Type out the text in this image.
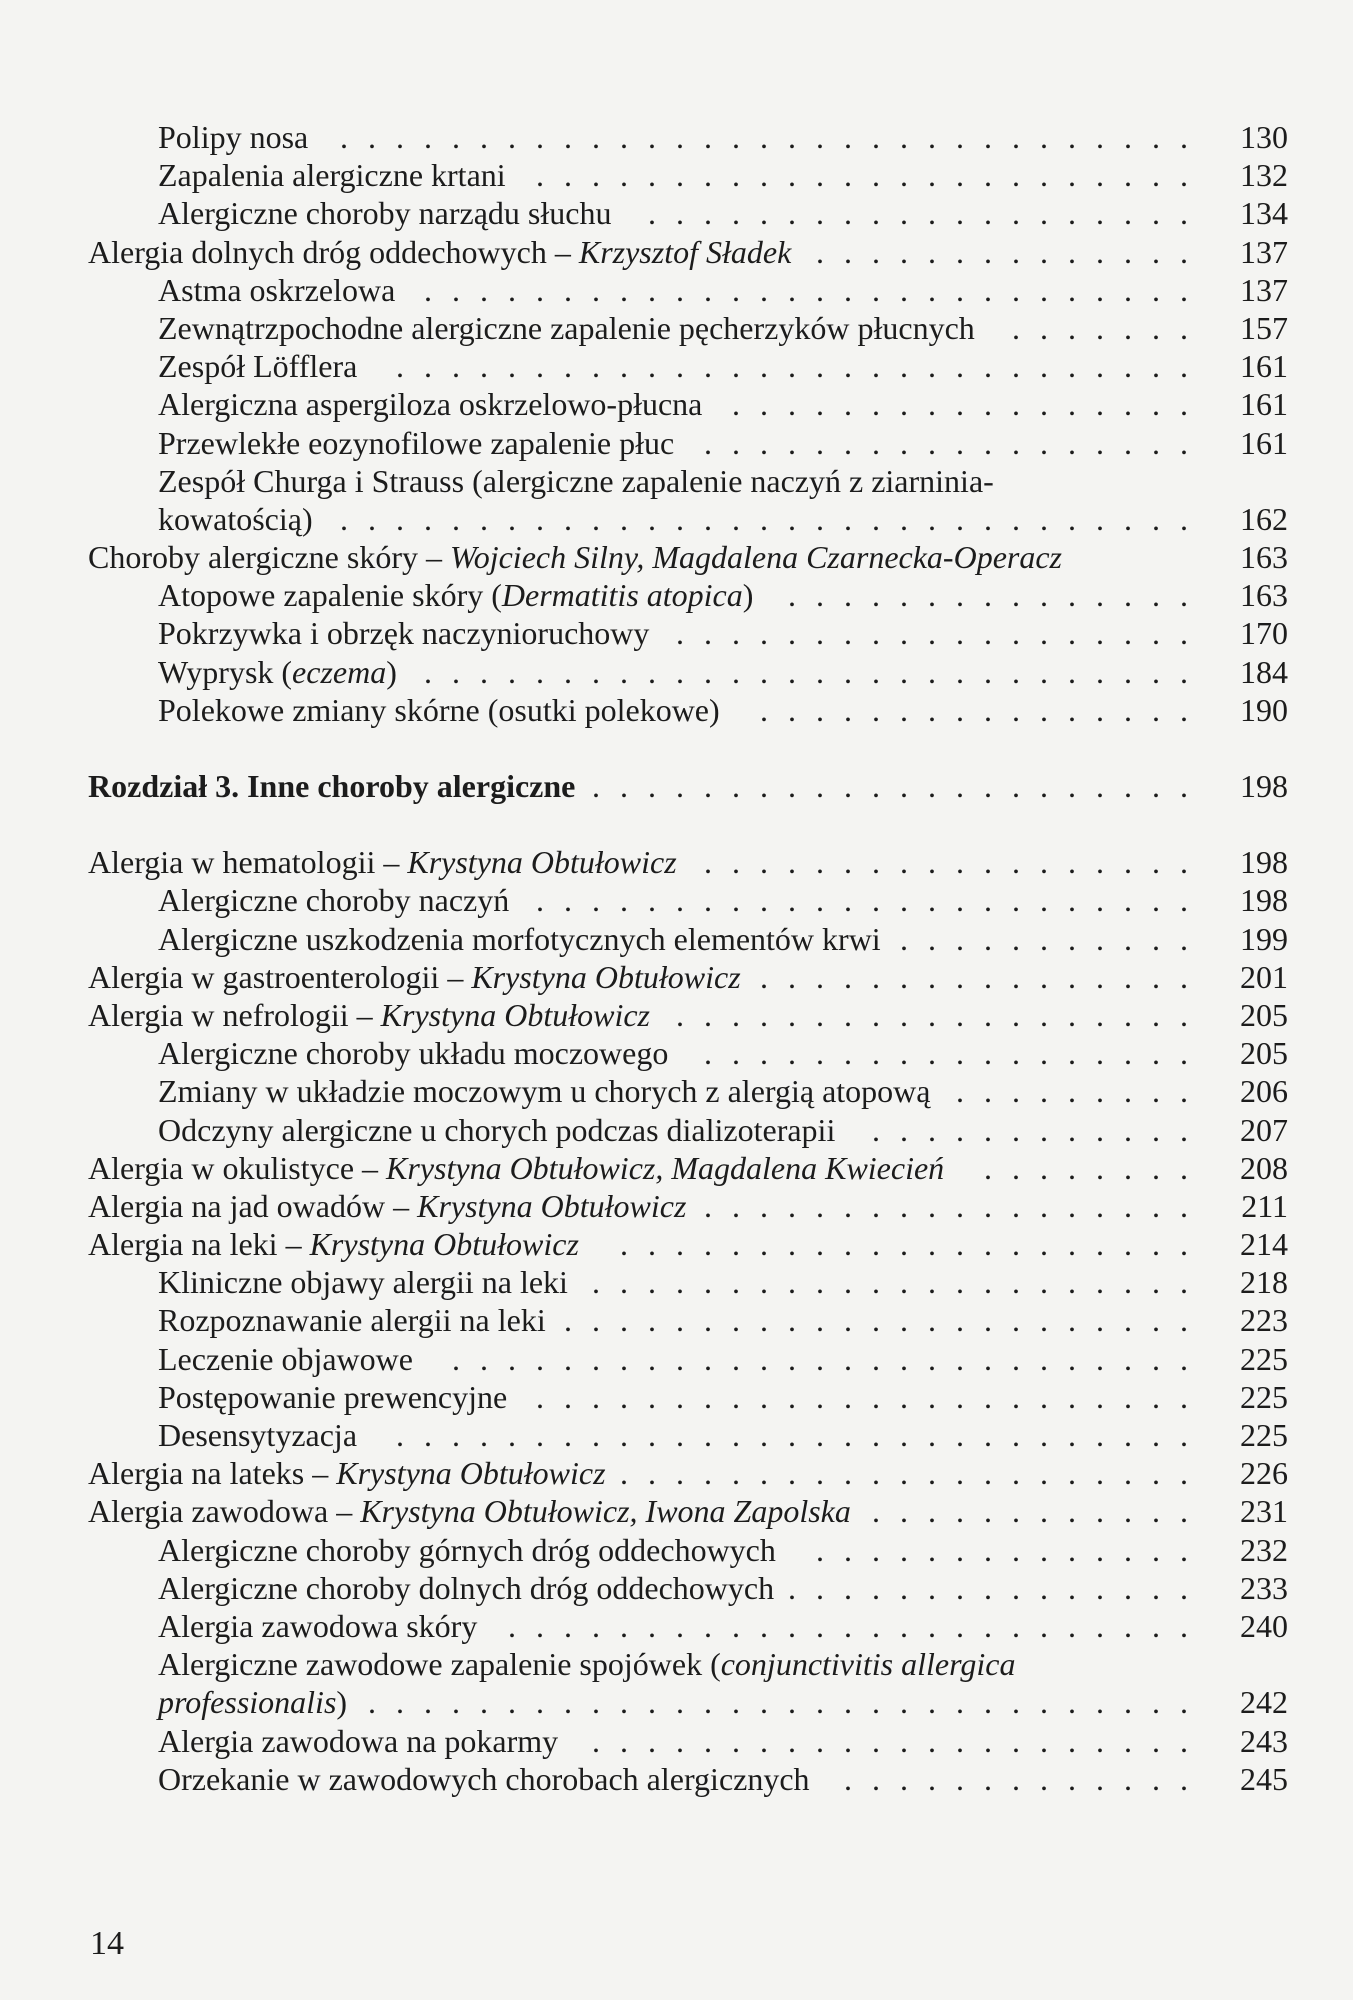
Polipy nosa	130
...............................
Zapalenia alergiczne krtani	132
........................
Alergiczne choroby narządu słuchu	134
....................
Alergia dolnych dróg oddechowych – Krzysztof Sładek	137
..............
Astma oskrzelowa	137
............................
Zewnątrzpochodne alergiczne zapalenie pęcherzyków płucnych	157
.......
Zespół Löfflera	161
.............................
Alergiczna aspergiloza oskrzelowo-płucna	161
.................
Przewlekłe eozynofilowe zapalenie płuc	161
..................
Zespół Churga i Strauss (alergiczne zapalenie naczyń z ziarninia-
kowatością)	162
...............................
Choroby alergiczne skóry – Wojciech Silny, Magdalena Czarnecka-Operacz	163
Atopowe zapalenie skóry (Dermatitis atopica)	163
...............
Pokrzywka i obrzęk naczynioruchowy	170
...................
Wyprysk (eczema)	184
............................
Polekowe zmiany skórne (osutki polekowe)	190
................
Rozdział 3. Inne choroby alergiczne	198
......................
Alergia w hematologii – Krystyna Obtułowicz	198
..................
Alergiczne choroby naczyń	198
........................
Alergiczne uszkodzenia morfotycznych elementów krwi	199
...........
Alergia w gastroenterologii – Krystyna Obtułowicz	201
................
Alergia w nefrologii – Krystyna Obtułowicz	205
...................
Alergiczne choroby układu moczowego	205
..................
Zmiany w układzie moczowym u chorych z alergią atopową	206
.........
Odczyny alergiczne u chorych podczas dializoterapii	207
............
Alergia w okulistyce – Krystyna Obtułowicz, Magdalena Kwiecień	208
........
Alergia na jad owadów – Krystyna Obtułowicz	211
..................
Alergia na leki – Krystyna Obtułowicz	214
.....................
Kliniczne objawy alergii na leki	218
......................
Rozpoznawanie alergii na leki	223
.......................
Leczenie objawowe	225
...........................
Postępowanie prewencyjne	225
........................
Desensytyzacja	225
.............................
Alergia na lateks – Krystyna Obtułowicz	226
.....................
Alergia zawodowa – Krystyna Obtułowicz, Iwona Zapolska	231
............
Alergiczne choroby górnych dróg oddechowych	232
..............
Alergiczne choroby dolnych dróg oddechowych	233
...............
Alergia zawodowa skóry	240
.........................
Alergiczne zawodowe zapalenie spojówek (conjunctivitis allergica
professionalis)	242
..............................
Alergia zawodowa na pokarmy	243
......................
Orzekanie w zawodowych chorobach alergicznych	245
.............
14
